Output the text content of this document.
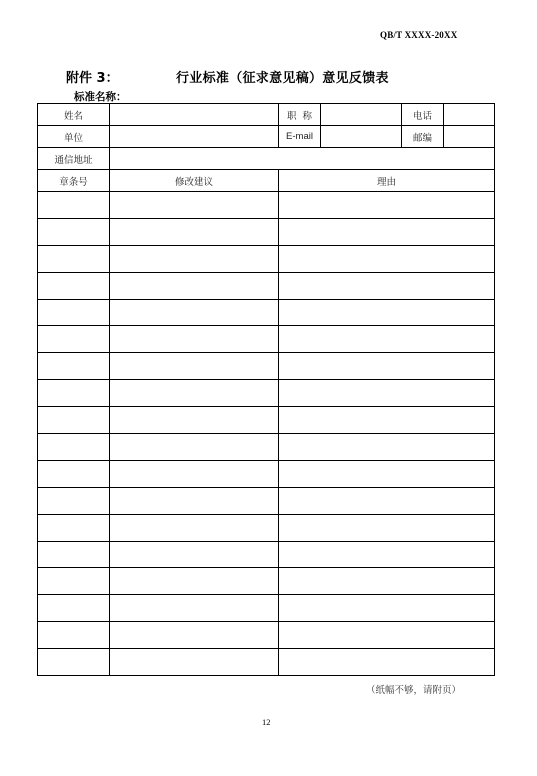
QB/T XXXX-20XX
附件 3：	行业标准（征求意见稿）意见反馈表
标准名称：
姓名		职  称		电话	
单位		E-mail		邮编	
通信地址					
章条号	修改建议	理由			

（纸幅不够，请附页）
12
